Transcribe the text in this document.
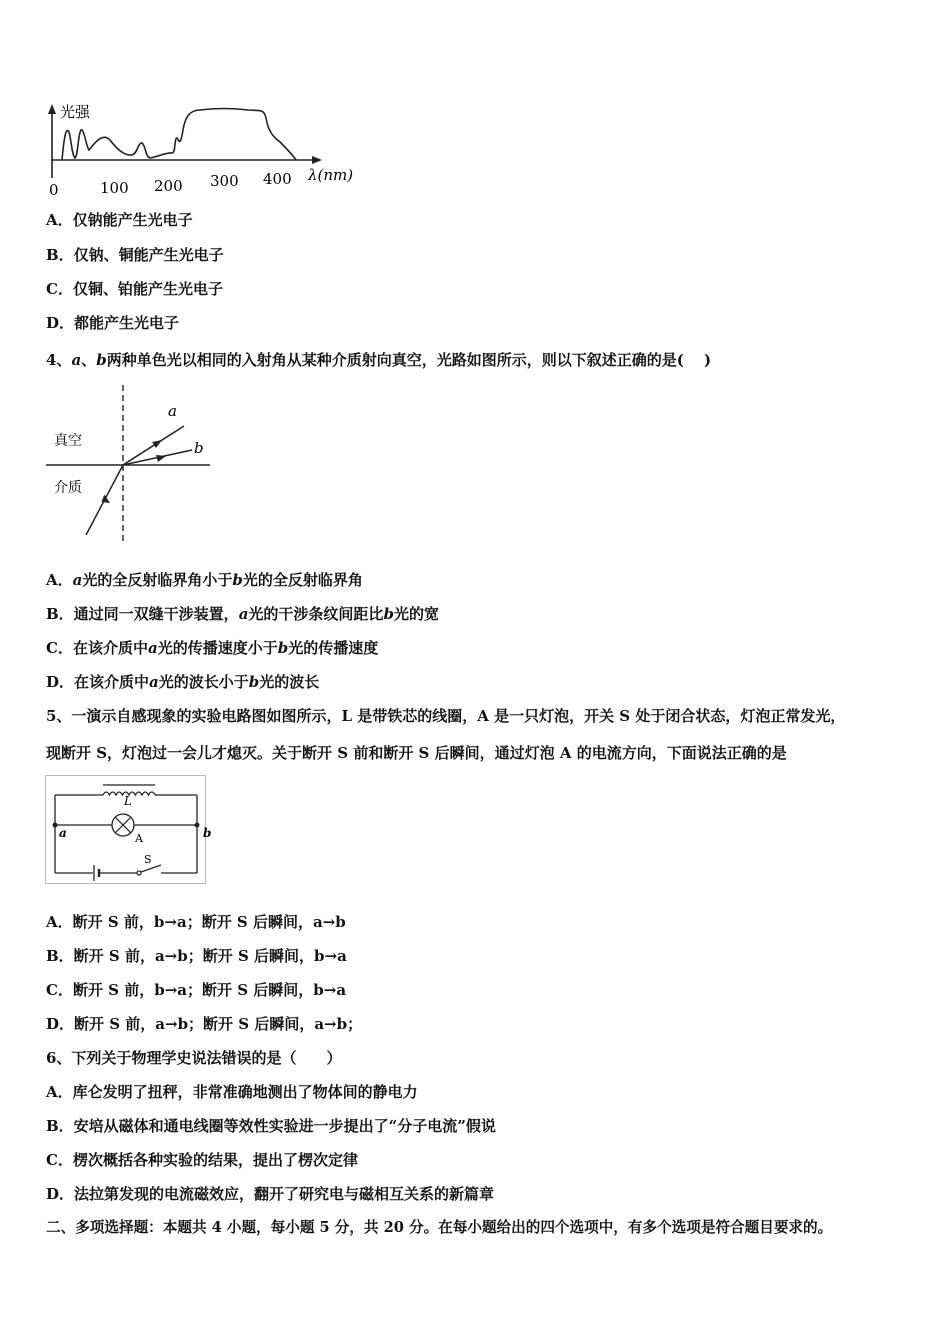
光强
λ(nm)
0	100 200 300 400
A．仅钠能产生光电子
B．仅钠、铜能产生光电子
C．仅铜、铂能产生光电子
D．都能产生光电子
4、a、b两种单色光以相同的入射角从某种介质射向真空，光路如图所示，则以下叙述正确的是(　 )
真空
介质
a
b
A．a光的全反射临界角小于b光的全反射临界角
B．通过同一双缝干涉装置，a光的干涉条纹间距比b光的宽
C．在该介质中a光的传播速度小于b光的传播速度
D．在该介质中a光的波长小于b光的波长
5、一演示自感现象的实验电路图如图所示，L 是带铁芯的线圈，A 是一只灯泡，开关 S 处于闭合状态，灯泡正常发光，
现断开 S，灯泡过一会儿才熄灭。关于断开 S 前和断开 S 后瞬间，通过灯泡 A 的电流方向，下面说法正确的是
L
A
a	b
S
A．断开 S 前，b→a；断开 S 后瞬间，a→b
B．断开 S 前，a→b；断开 S 后瞬间，b→a
C．断开 S 前，b→a；断开 S 后瞬间，b→a
D．断开 S 前，a→b；断开 S 后瞬间，a→b；
6、下列关于物理学史说法错误的是（　　）
A．库仑发明了扭秤，非常准确地测出了物体间的静电力
B．安培从磁体和通电线圈等效性实验进一步提出了“分子电流”假说
C．楞次概括各种实验的结果，提出了楞次定律
D．法拉第发现的电流磁效应，翻开了研究电与磁相互关系的新篇章
二、多项选择题：本题共 4 小题，每小题 5 分，共 20 分。在每小题给出的四个选项中，有多个选项是符合题目要求的。
